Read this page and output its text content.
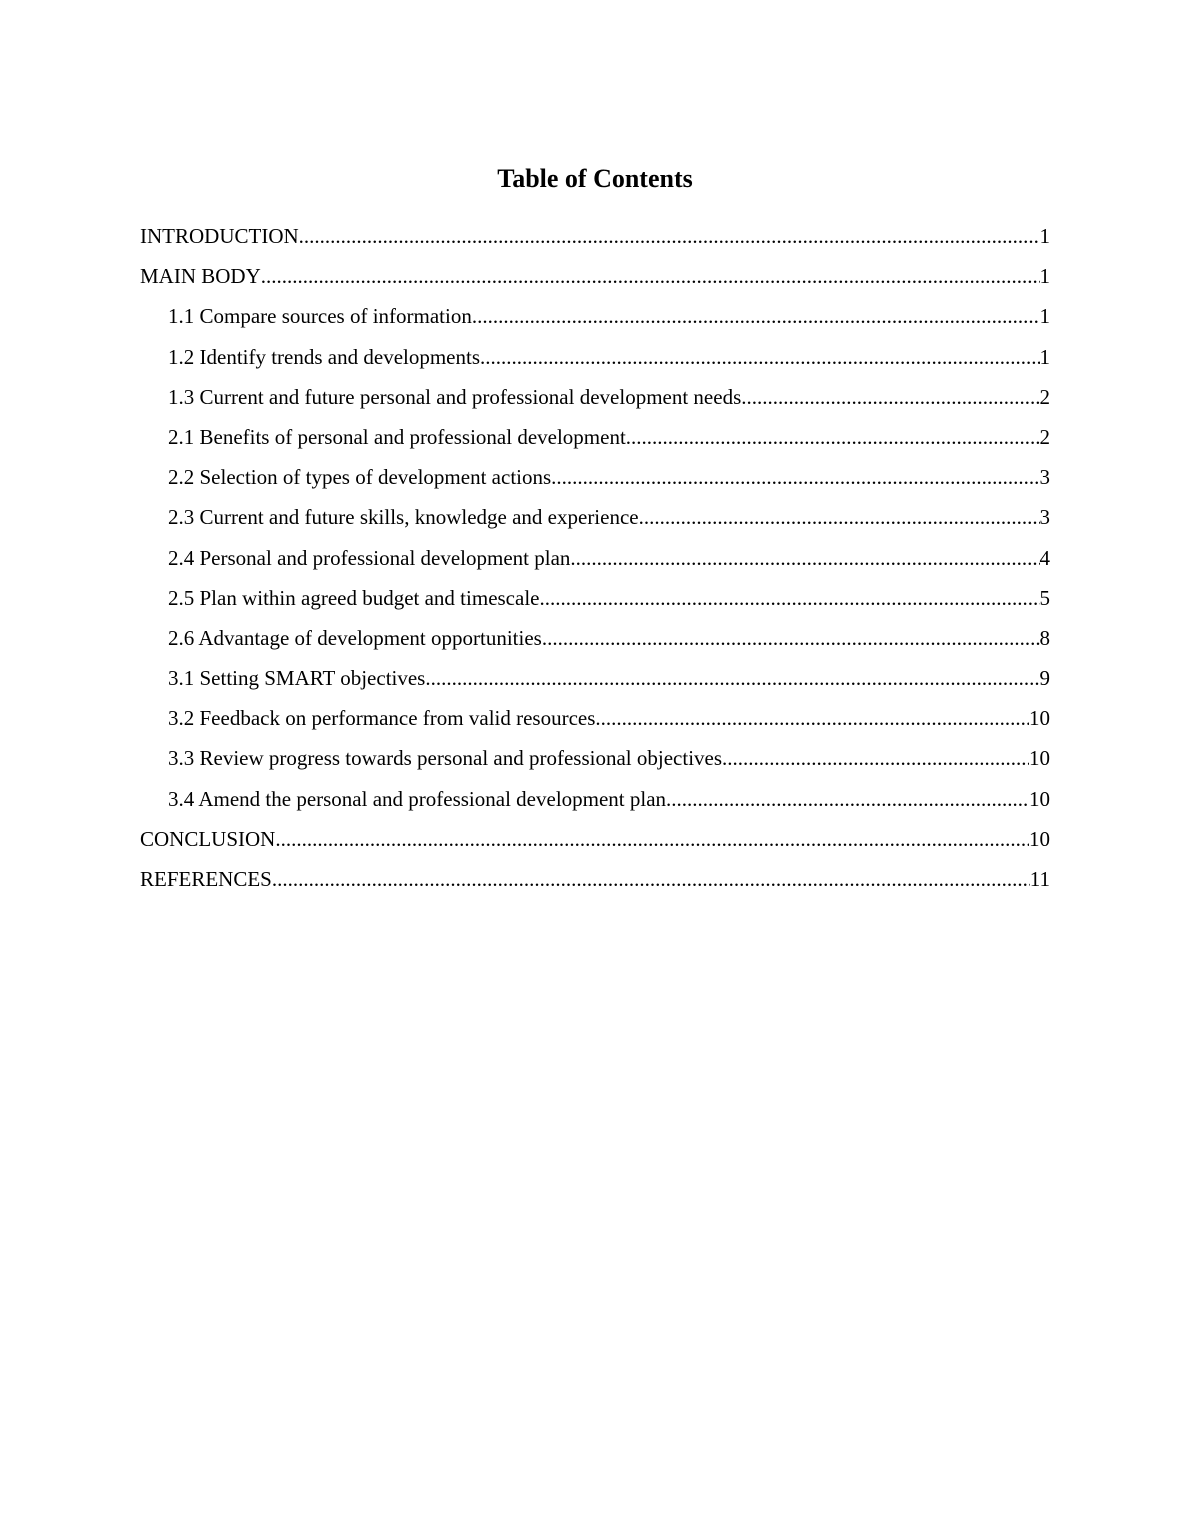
Table of Contents
INTRODUCTION .....	1
MAIN BODY .....	1
1.1 Compare sources of information .....	1
1.2 Identify trends and developments .....	1
1.3 Current and future personal and professional development needs .....	2
2.1 Benefits of personal and professional development .....	2
2.2 Selection of types of development actions .....	3
2.3 Current and future skills, knowledge and experience .....	3
2.4 Personal and professional development plan .....	4
2.5 Plan within agreed budget and timescale .....	5
2.6 Advantage of development opportunities .....	8
3.1 Setting SMART objectives .....	9
3.2 Feedback on performance from valid resources .....	10
3.3 Review progress towards personal and professional objectives .....	10
3.4 Amend the personal and professional development plan .....	10
CONCLUSION .....	10
REFERENCES .....	11
